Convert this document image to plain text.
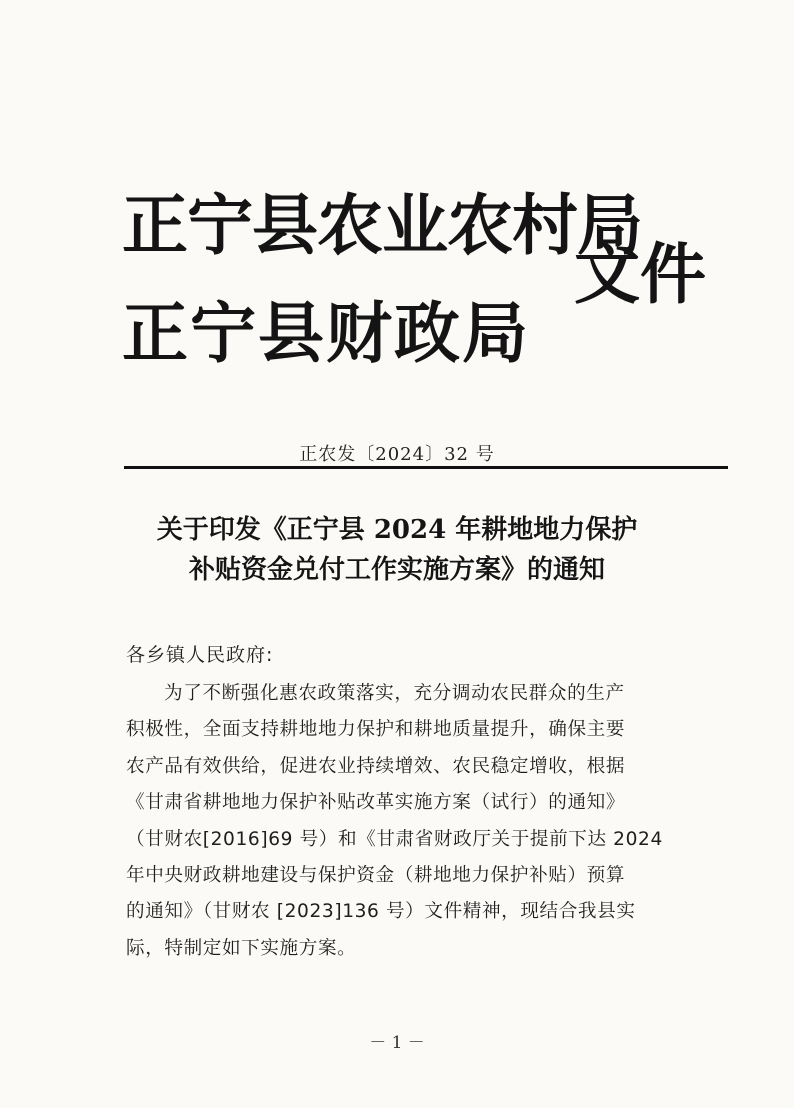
正宁县农业农村局
正宁县财政局
文件
正农发〔2024〕32 号
关于印发《正宁县 2024 年耕地地力保护
补贴资金兑付工作实施方案》的通知
各乡镇人民政府:
为了不断强化惠农政策落实，充分调动农民群众的生产
积极性，全面支持耕地地力保护和耕地质量提升，确保主要
农产品有效供给，促进农业持续增效、农民稳定增收，根据
《甘肃省耕地地力保护补贴改革实施方案（试行）的通知》
（甘财农[2016]69 号）和《甘肃省财政厅关于提前下达 2024
年中央财政耕地建设与保护资金（耕地地力保护补贴）预算
的通知》（甘财农 [2023]136 号）文件精神，现结合我县实
际，特制定如下实施方案。
－ 1 －
